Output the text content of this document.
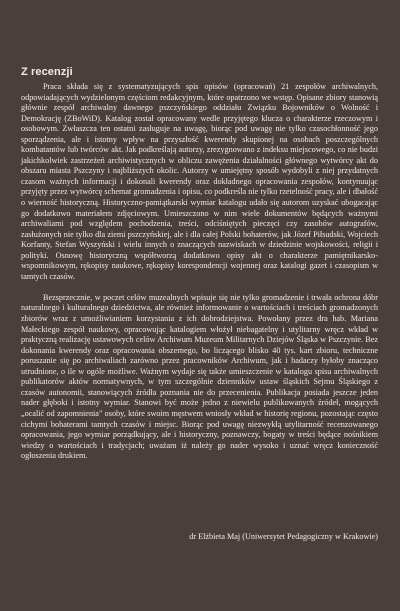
Z recenzji

Praca składa się z systematyzujących spis opisów (opracowań) 21 zespołów archiwalnych, odpowiadających wydzielonym częściom redakcyjnym, które opatrzono we wstęp. Opisane zbiory stanowią głównie zespół archiwalny dawnego pszczyńskiego oddziału Związku Bojowników o Wolność i Demokrację (ZBoWiD). Katalog został opracowany wedle przyjętego klucza o charakterze rzeczowym i osobowym. Zwłaszcza ten ostatni zasługuje na uwagę, biorąc pod uwagę nie tylko czasochłonność jego sporządzenia, ale i istotny wpływ na przyszłość kwerendy skupionej na osobach poszczególnych kombatantów lub twórców akt. Jak podkreślają autorzy, zrezygnowano z indeksu miejscowego, co nie budzi jakichkolwiek zastrzeżeń archiwistycznych w obliczu zawężenia działalności głównego wytwórcy akt do obszaru miasta Pszczyny i najbliższych okolic. Autorzy w umiejętny sposób wydobyli z niej przydatnych czasom ważnych informacji i dokonali kwerendy oraz dokładnego opracowania zespołów, kontynuując przyjęty przez wytwórcę schemat gromadzenia i opisu, co podkreśla nie tylko rzetelność pracy, ale i dbałość o wierność historyczną. Historyczno-pamiątkarski wymiar katalogu udało się autorom uzyskać ubogacając go dodatkowo materiałem zdjęciowym. Umieszczono w nim wiele dokumentów będących ważnymi archiwaliami pod względem pochodzenia, treści, odciśniętych pieczęci czy zasobów autografów, zasłużonych nie tylko dla ziemi pszczyńskiej, ale i dla całej Polski bohaterów, jak Józef Piłsudski, Wojciech Korfanty, Stefan Wyszyński i wielu innych o znaczących nazwiskach w dziedzinie wojskowości, religii i polityki. Osnowę historyczną współtworzą dodatkowo opisy akt o charakterze pamiętnikarsko-wspomnikowym, rękopisy naukowe, rękopisy korespondencji wojennej oraz katalogi gazet i czasopism w tamtych czasów.

Bezsprzecznie, w poczet celów muzealnych wpisuje się nie tylko gromadzenie i trwała ochrona dóbr naturalnego i kulturalnego dziedzictwa, ale również informowanie o wartościach i treściach gromadzonych zbiorów wraz z umożliwianiem korzystania z ich dobrodziejstwa. Powołany przez dra hab. Mariana Małeckiego zespół naukowy, opracowując katalogiem włożył niebagatelny i utylitarny wręcz wkład w praktyczną realizację ustawowych celów Archiwum Muzeum Militarnych Dziejów Śląska w Pszczynie. Bez dokonania kwerendy oraz opracowania obszernego, bo liczącego blisko 40 tys. kart zbioru, techniczne poruszanie się po archiwaliach zarówno przez pracowników Archiwum, jak i badaczy byłoby znacząco utrudnione, o ile w ogóle możliwe. Ważnym wydaje się także umieszczenie w katalogu spisu archiwalnych publikatorów aktów normatywnych, w tym szczególnie dzienników ustaw śląskich Sejmu Śląskiego z czasów autonomii, stanowiących źródła poznania nie do przecenienia. Publikacja posiada jeszcze jeden nader głęboki i istotny wymiar. Stanowi być może jedno z niewielu publikowanych źródeł, mogących „ocalić od zapomnienia" osoby, które swoim męstwem wniosły wkład w historię regionu, pozostając często cichymi bohaterami tamtych czasów i miejsc. Biorąc pod uwagę niezwykłą utylitarność recenzowanego opracowania, jego wymiar porządkujący, ale i historyczny, poznawczy, bogaty w treści będące nośnikiem wiedzy o wartościach i tradycjach; uważam iż należy go nader wysoko i uznać wręcz konieczność ogłoszenia drukiem.

dr Elżbieta Maj (Uniwersytet Pedagogiczny w Krakowie)
